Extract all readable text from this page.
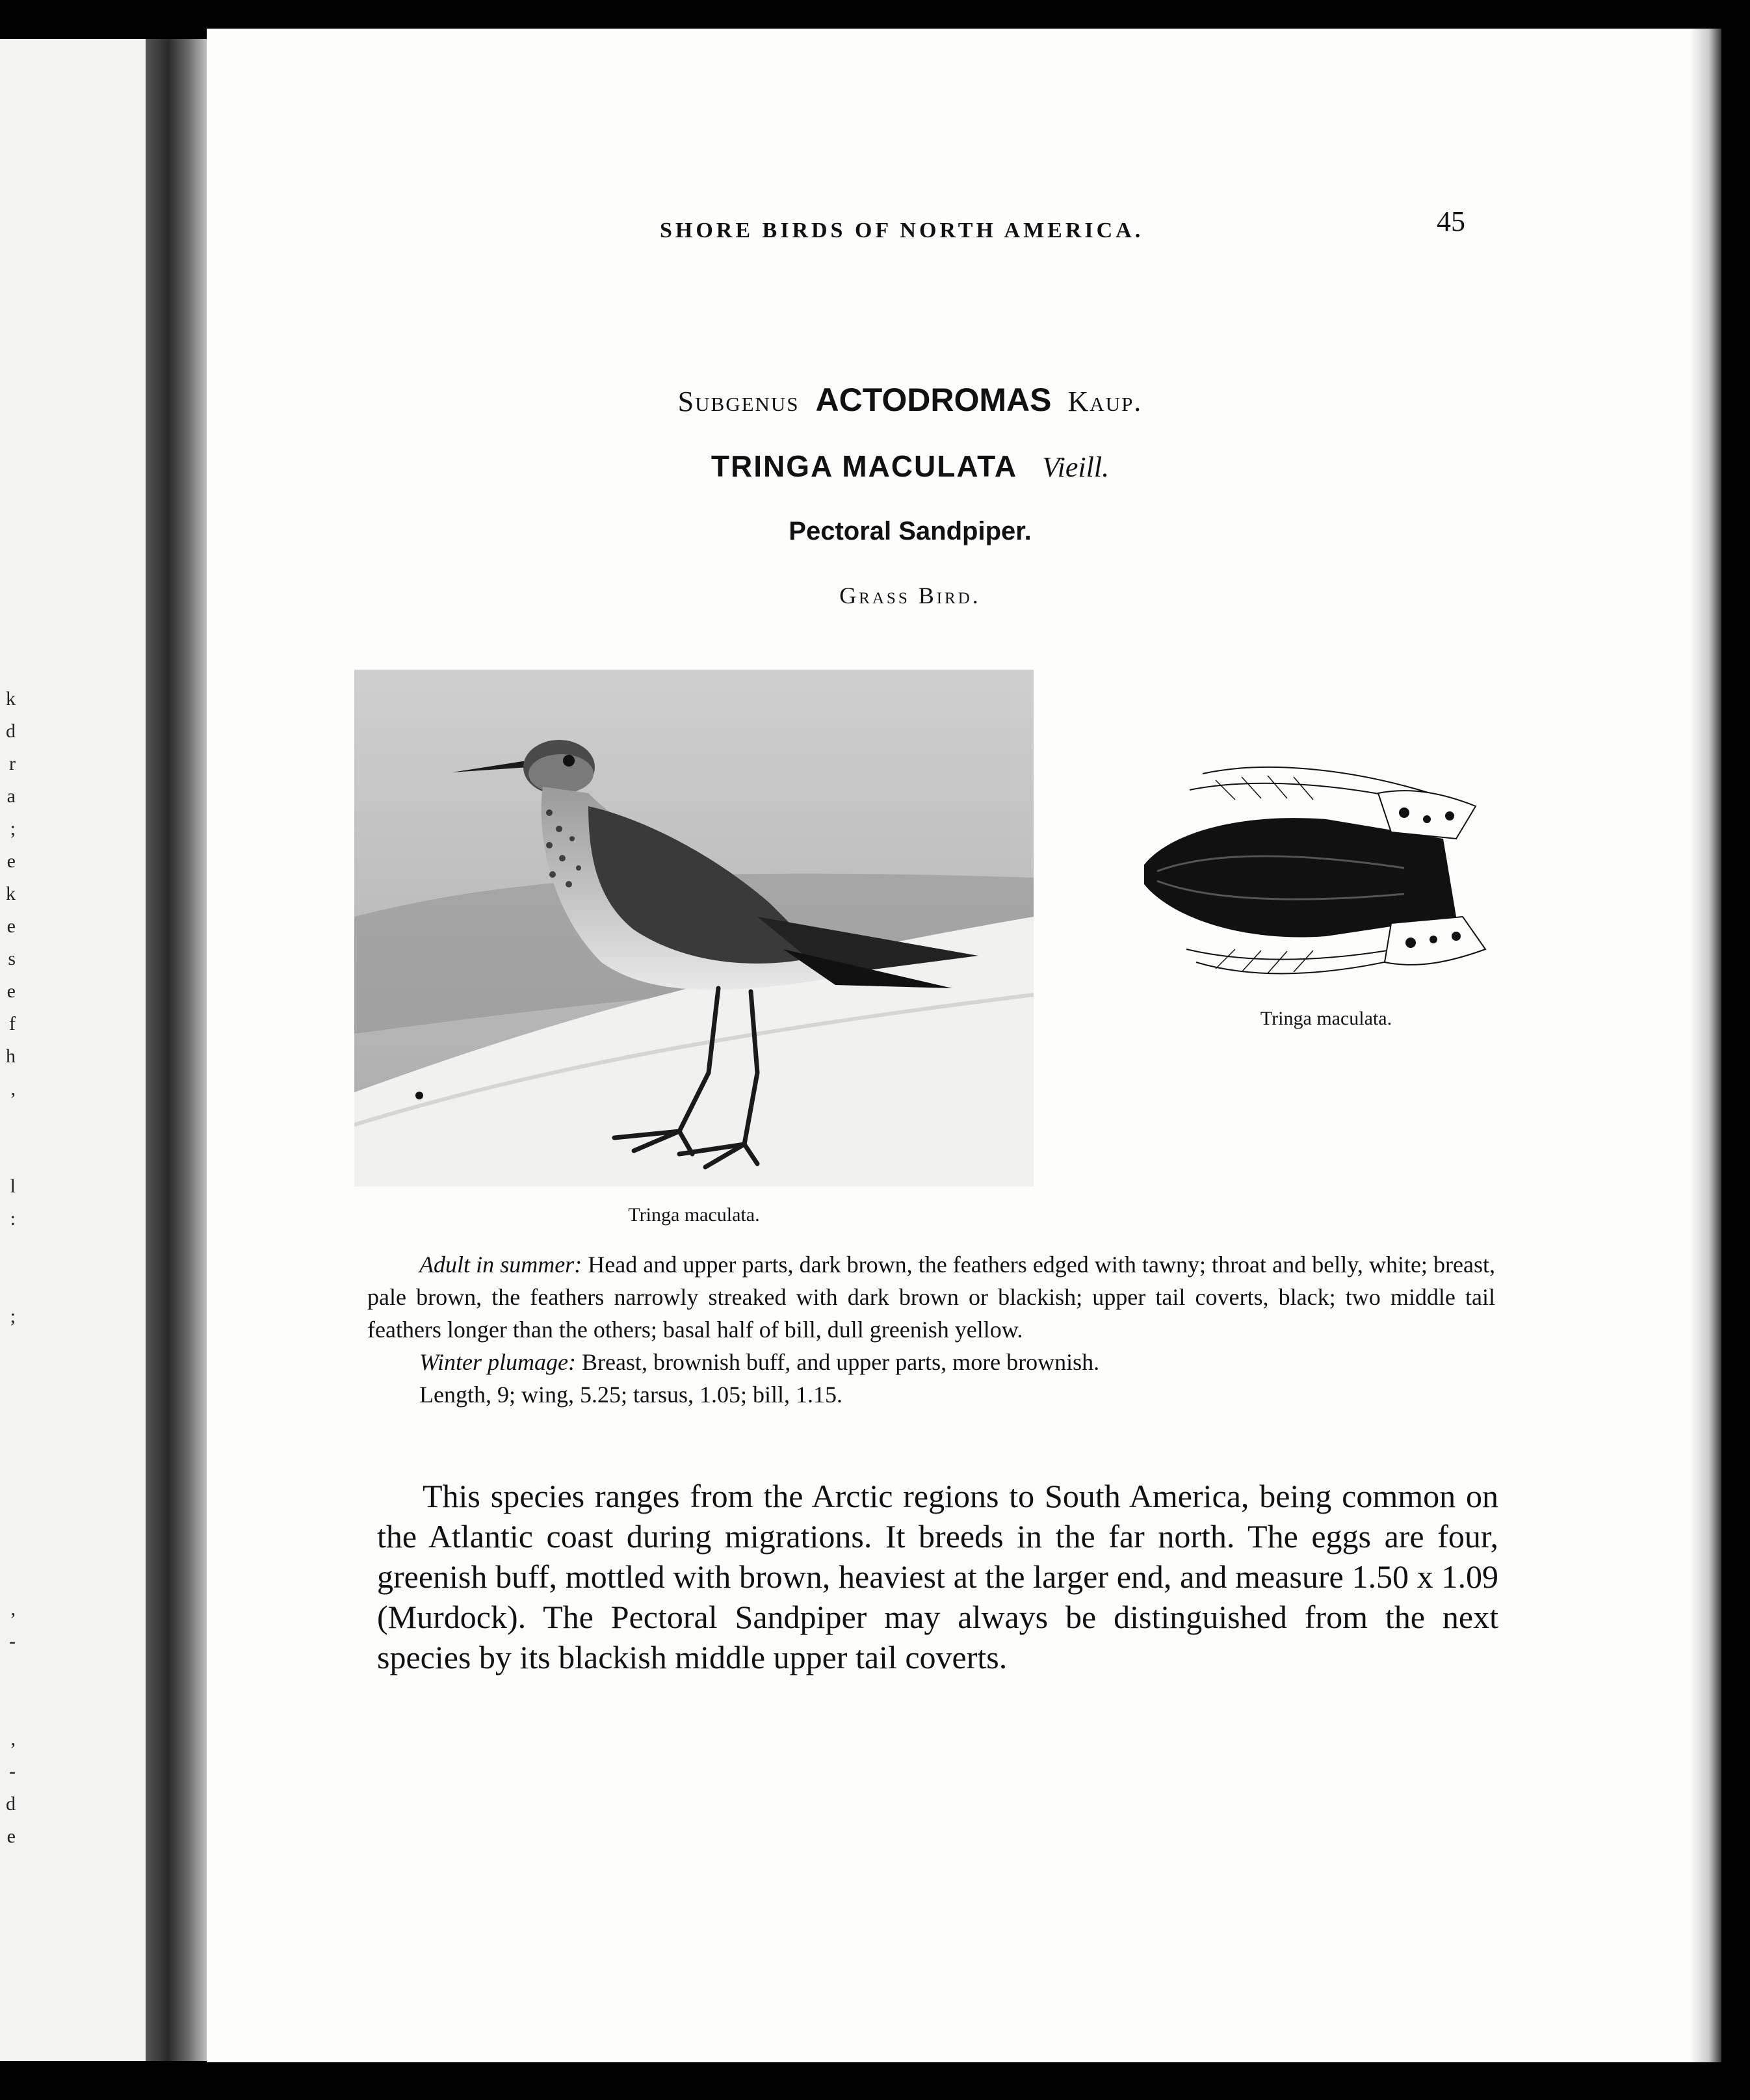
k
d
r
a
;
e
k
e
s
e
f
h
,

l
:

;

,
-

,
-
d
e
SHORE BIRDS OF NORTH AMERICA.	45
Subgenus ACTODROMAS Kaup.
TRINGA MACULATA Vieill.
Pectoral Sandpiper.
Grass Bird.
Tringa maculata.
Tringa maculata.

Adult in summer: Head and upper parts, dark brown, the feathers edged with tawny; throat and belly, white; breast, pale brown, the feathers narrowly streaked with dark brown or blackish; upper tail coverts, black; two middle tail feathers longer than the others; basal half of bill, dull greenish yellow.

Winter plumage: Breast, brownish buff, and upper parts, more brownish.

Length, 9; wing, 5.25; tarsus, 1.05; bill, 1.15.

This species ranges from the Arctic regions to South America, being common on the Atlantic coast during migrations. It breeds in the far north. The eggs are four, greenish buff, mottled with brown, heaviest at the larger end, and measure 1.50 x 1.09 (Murdock). The Pectoral Sandpiper may always be distinguished from the next species by its blackish middle upper tail coverts.
